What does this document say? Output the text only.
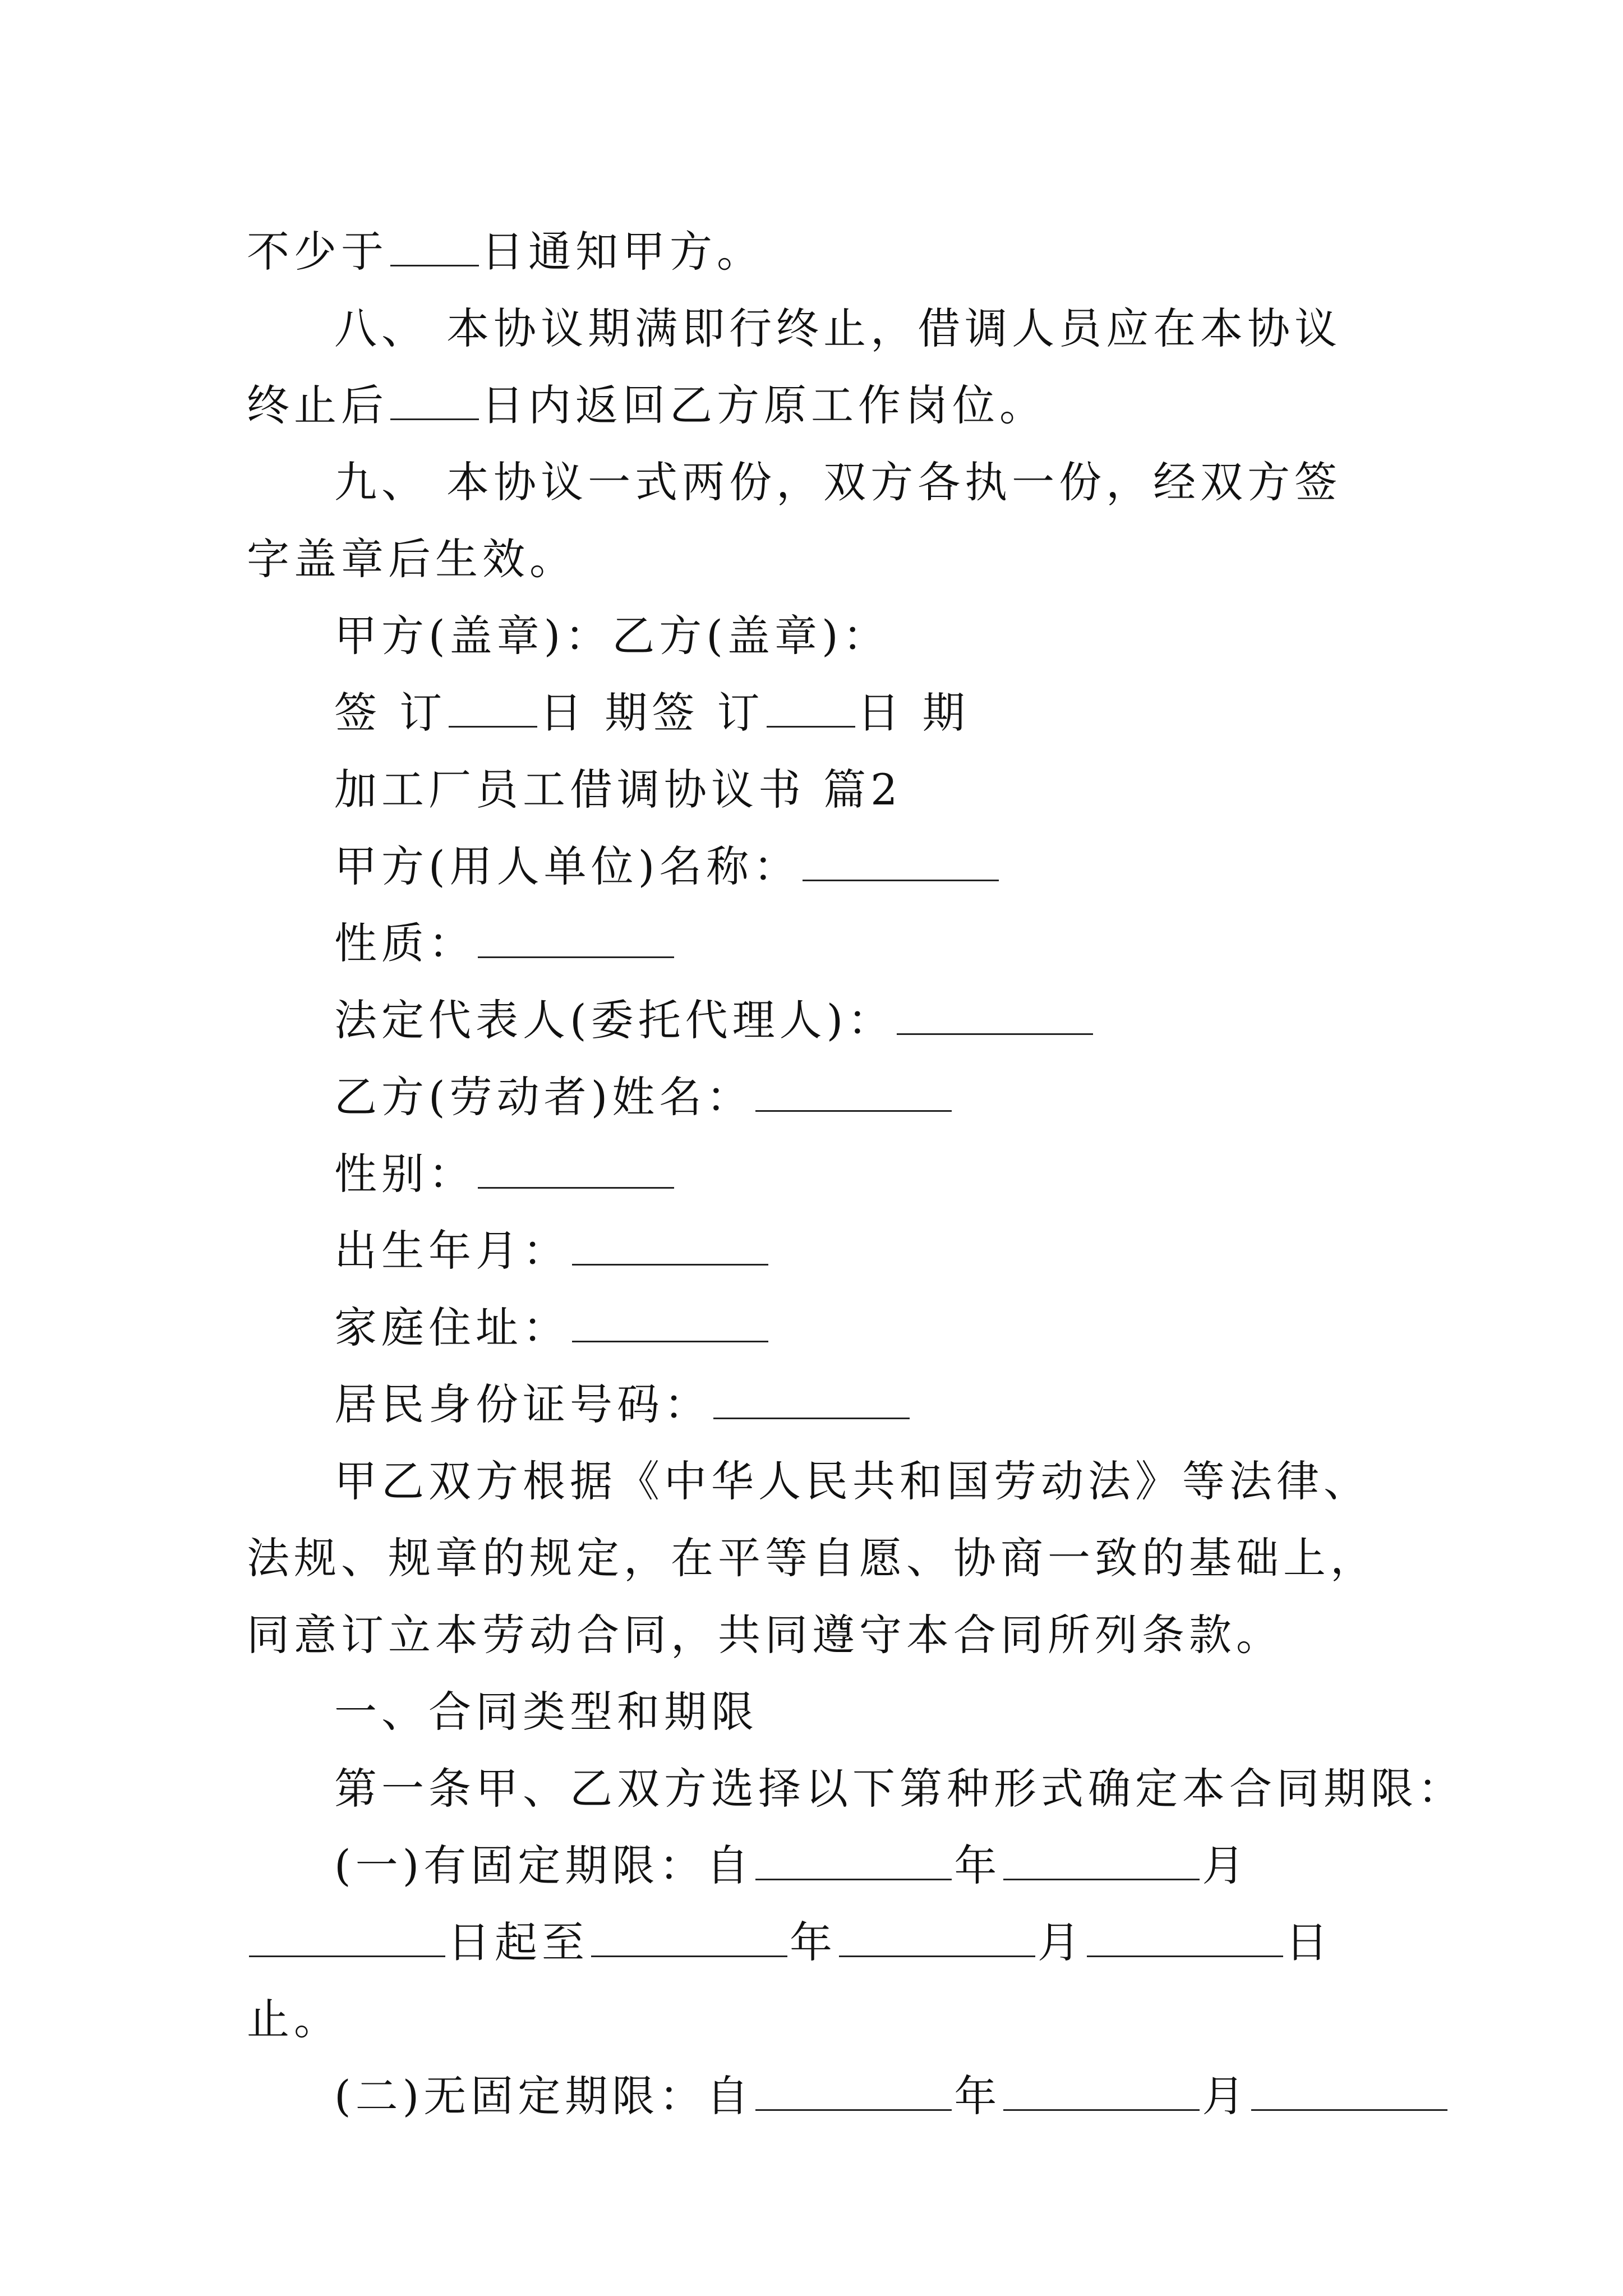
不少于 日通知甲方。

八、 本协议期满即行终止，借调人员应在本协议终止后 日内返回乙方原工作岗位。

九、 本协议一式两份，双方各执一份，经双方签字盖章后生效。

甲方(盖章)：乙方(盖章)：

签 订 日 期签 订 日 期

加工厂员工借调协议书 篇2

甲方(用人单位)名称：

性质：

法定代表人(委托代理人)：

乙方(劳动者)姓名：

性别：

出生年月：

家庭住址：

居民身份证号码：

甲乙双方根据《中华人民共和国劳动法》等法律、法规、规章的规定，在平等自愿、协商一致的基础上，同意订立本劳动合同，共同遵守本合同所列条款。

一、合同类型和期限

第一条甲、乙双方选择以下第种形式确定本合同期限：

(一)有固定期限：自	年	月日起至	年	月	日止。

(二)无固定期限：自	年	月
